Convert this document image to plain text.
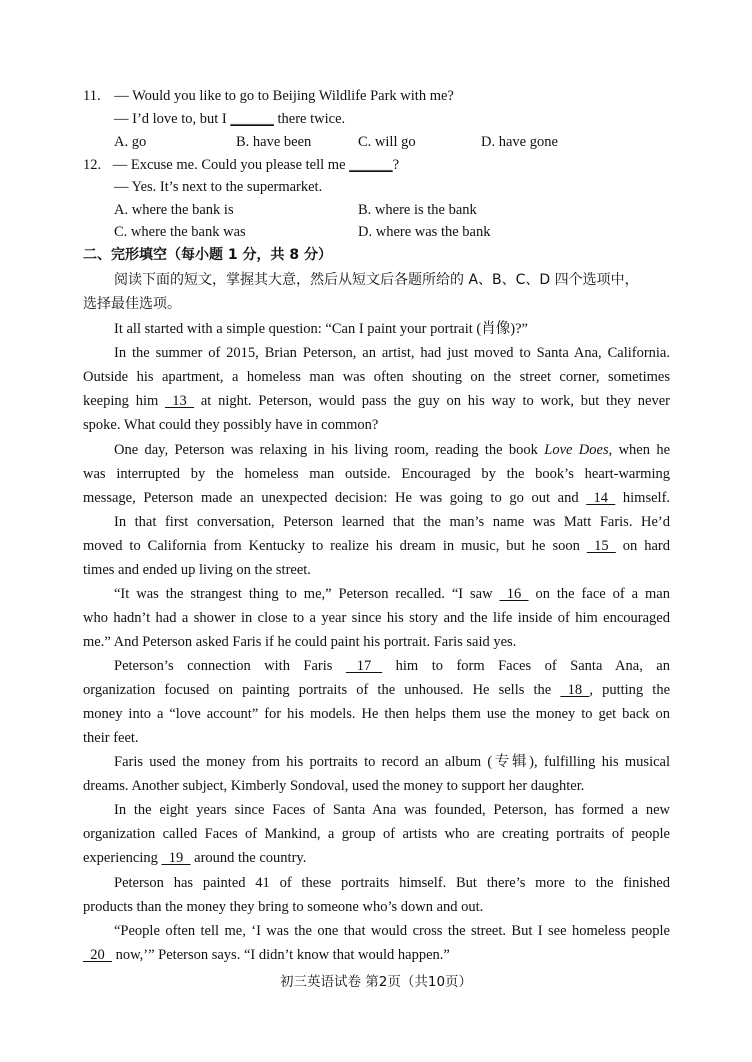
11. — Would you like to go to Beijing Wildlife Park with me?
— I’d love to, but I ______ there twice.
A. go	B. have been	C. will go	D. have gone
12. — Excuse me. Could you please tell me ______?
— Yes. It’s next to the supermarket.
A. where the bank is	B. where is the bank
C. where the bank was	D. where was the bank
二、完形填空（每小题 1 分，共 8 分）
阅读下面的短文，掌握其大意，然后从短文后各题所给的 A、B、C、D 四个选项中，
选择最佳选项。
It all started with a simple question: “Can I paint your portrait (肖像)?”
In the summer of 2015, Brian Peterson, an artist, had just moved to Santa Ana, California.
Outside his apartment, a homeless man was often shouting on the street corner, sometimes
keeping him   13   at night. Peterson, would pass the guy on his way to work, but they never
spoke. What could they possibly have in common?
One day, Peterson was relaxing in his living room, reading the book Love Does, when he
was interrupted by the homeless man outside. Encouraged by the book’s heart-warming
message, Peterson made an unexpected decision: He was going to go out and   14   himself.
In that first conversation, Peterson learned that the man’s name was Matt Faris. He’d
moved to California from Kentucky to realize his dream in music, but he soon   15   on hard
times and ended up living on the street.
“It was the strangest thing to me,” Peterson recalled. “I saw   16   on the face of a man
who hadn’t had a shower in close to a year since his story and the life inside of him encouraged
me.” And Peterson asked Faris if he could paint his portrait. Faris said yes.
Peterson’s connection with Faris    17    him to form Faces of Santa Ana, an
organization focused on painting portraits of the unhoused. He sells the   18  , putting the
money into a “love account” for his models. He then helps them use the money to get back on
their feet.
Faris used the money from his portraits to record an album (专辑), fulfilling his musical
dreams. Another subject, Kimberly Sondoval, used the money to support her daughter.
In the eight years since Faces of Santa Ana was founded, Peterson, has formed a new
organization called Faces of Mankind, a group of artists who are creating portraits of people
experiencing   19   around the country.
Peterson has painted 41 of these portraits himself. But there’s more to the finished
products than the money they bring to someone who’s down and out.
“People often tell me, ‘I was the one that would cross the street. But I see homeless people
20   now,’” Peterson says. “I didn’t know that would happen.”
初三英语试卷 第2页（共10页）
